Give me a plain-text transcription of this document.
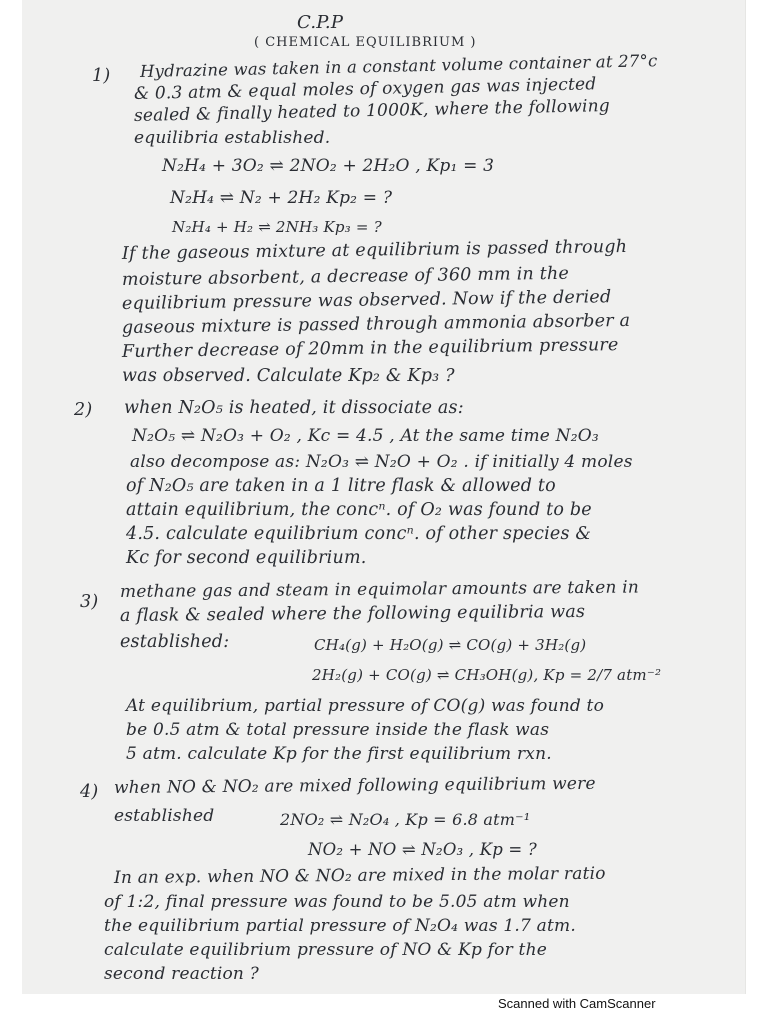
C.P.P
( CHEMICAL EQUILIBRIUM )
1) Hydrazine was taken in a constant volume container at 27°c
& 0.3 atm & equal moles of oxygen gas was injected
sealed & finally heated to 1000K, where the following
equilibria established.
N₂H₄ + 3O₂ ⇌ 2NO₂ + 2H₂O , Kp₁ = 3
N₂H₄ ⇌ N₂ + 2H₂ Kp₂ = ?
N₂H₄ + H₂ ⇌ 2NH₃ Kp₃ = ?
If the gaseous mixture at equilibrium is passed through
moisture absorbent, a decrease of 360 mm in the
equilibrium pressure was observed. Now if the deried
gaseous mixture is passed through ammonia absorber a
Further decrease of 20mm in the equilibrium pressure
was observed. Calculate Kp₂ & Kp₃ ?
2) when N₂O₅ is heated, it dissociate as:
N₂O₅ ⇌ N₂O₃ + O₂ , Kc = 4.5 , At the same time N₂O₃
also decompose as: N₂O₃ ⇌ N₂O + O₂ . if initially 4 moles
of N₂O₅ are taken in a 1 litre flask & allowed to
attain equilibrium, the concⁿ. of O₂ was found to be
4.5. calculate equilibrium concⁿ. of other species &
Kc for second equilibrium.
3)
methane gas and steam in equimolar amounts are taken in
a flask & sealed where the following equilibria was
established:	CH₄(g) + H₂O(g) ⇌ CO(g) + 3H₂(g)
2H₂(g) + CO(g) ⇌ CH₃OH(g), Kp = 2/7 atm⁻²
At equilibrium, partial pressure of CO(g) was found to
be 0.5 atm & total pressure inside the flask was
5 atm. calculate Kp for the first equilibrium rxn.
4) when NO & NO₂ are mixed following equilibrium were
established	2NO₂ ⇌ N₂O₄ , Kp = 6.8 atm⁻¹
NO₂ + NO ⇌ N₂O₃ , Kp = ?
In an exp. when NO & NO₂ are mixed in the molar ratio
of 1:2, final pressure was found to be 5.05 atm when
the equilibrium partial pressure of N₂O₄ was 1.7 atm.
calculate equilibrium pressure of NO & Kp for the
second reaction ?
Scanned with CamScanner
